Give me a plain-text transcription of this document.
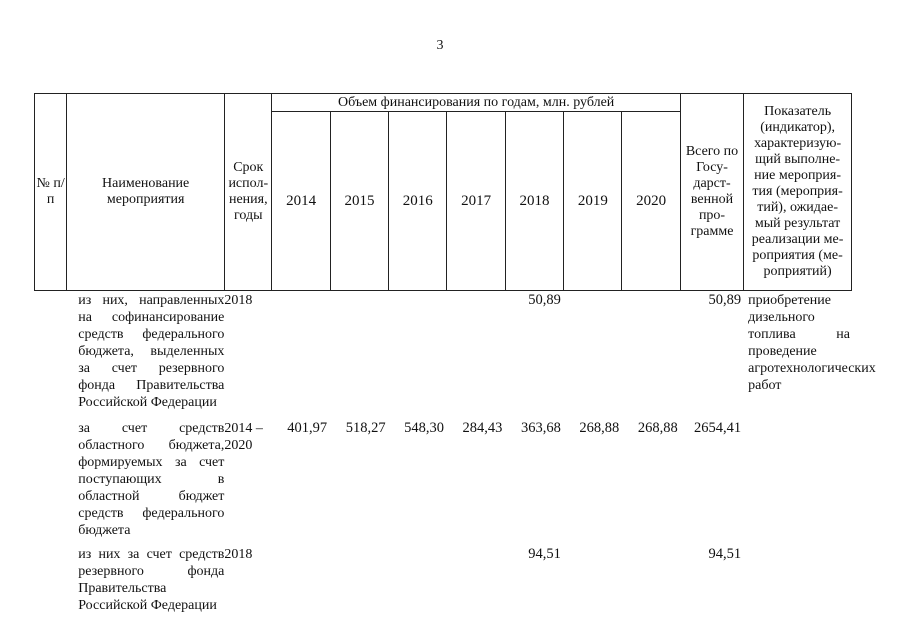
3
№ п/п	Наименование мероприятия	Срок испол- нения, годы	Объем финансирования по годам, млн. рублей							Всего по Госу- дарст- венной про- грамме	Показатель (индикатор), характеризую- щий выполне- ние мероприя- тия (мероприя- тий), ожидае- мый результат реализации ме- роприятия (ме- роприятий)
			2014	2015	2016	2017	2018	2019	2020		
	из них, направленных на софинансирование средств федерального бюджета, выделенных за счет резервного фонда Правительства Российской Федерации	2018					50,89			50,89	приобретение дизельного топлива на проведение агротехнологических работ
	за счет средств областного бюджета, формируемых за счет поступающих в областной бюджет средств федерального бюджета	2014 – 2020	401,97	518,27	548,30	284,43	363,68	268,88	268,88	2654,41	
	из них за счет средств резервного фонда Правительства Российской Федерации	2018					94,51			94,51	
